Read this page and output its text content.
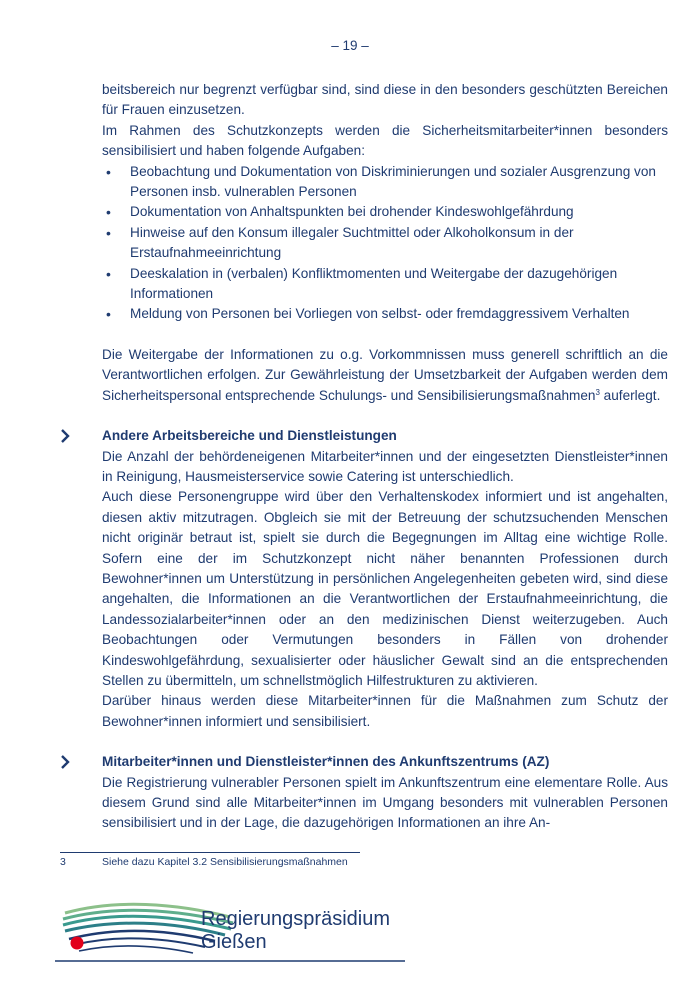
– 19 –

beitsbereich nur begrenzt verfügbar sind, sind diese in den besonders geschützten Bereichen für Frauen einzusetzen.

Im Rahmen des Schutzkonzepts werden die Sicherheitsmitarbeiter*innen besonders sensibilisiert und haben folgende Aufgaben:

• Beobachtung und Dokumentation von Diskriminierungen und sozialer Ausgrenzung von Personen insb. vulnerablen Personen
• Dokumentation von Anhaltspunkten bei drohender Kindeswohlgefährdung
• Hinweise auf den Konsum illegaler Suchtmittel oder Alkoholkonsum in der Erstaufnahmeeinrichtung
• Deeskalation in (verbalen) Konfliktmomenten und Weitergabe der dazugehörigen Informationen
• Meldung von Personen bei Vorliegen von selbst- oder fremdaggressivem Verhalten

Die Weitergabe der Informationen zu o.g. Vorkommnissen muss generell schriftlich an die Verantwortlichen erfolgen. Zur Gewährleistung der Umsetzbarkeit der Aufgaben werden dem Sicherheitspersonal entsprechende Schulungs- und Sensibilisierungsmaßnahmen$^3$ auferlegt.

Andere Arbeitsbereiche und Dienstleistungen

Die Anzahl der behördeneigenen Mitarbeiter*innen und der eingesetzten Dienstleister*innen in Reinigung, Hausmeisterservice sowie Catering ist unterschiedlich.

Auch diese Personengruppe wird über den Verhaltenskodex informiert und ist angehalten, diesen aktiv mitzutragen. Obgleich sie mit der Betreuung der schutzsuchenden Menschen nicht originär betraut ist, spielt sie durch die Begegnungen im Alltag eine wichtige Rolle. Sofern eine der im Schutzkonzept nicht näher benannten Professionen durch Bewohner*innen um Unterstützung in persönlichen Angelegenheiten gebeten wird, sind diese angehalten, die Informationen an die Verantwortlichen der Erstaufnahmeeinrichtung, die Landessozialarbeiter*innen oder an den medizinischen Dienst weiterzugeben. Auch Beobachtungen oder Vermutungen besonders in Fällen von drohender Kindeswohlgefährdung, sexualisierter oder häuslicher Gewalt sind an die entsprechenden Stellen zu übermitteln, um schnellstmöglich Hilfestrukturen zu aktivieren.

Darüber hinaus werden diese Mitarbeiter*innen für die Maßnahmen zum Schutz der Bewohner*innen informiert und sensibilisiert.

Mitarbeiter*innen und Dienstleister*innen des Ankunftszentrums (AZ)

Die Registrierung vulnerabler Personen spielt im Ankunftszentrum eine elementare Rolle. Aus diesem Grund sind alle Mitarbeiter*innen im Umgang besonders mit vulnerablen Personen sensibilisiert und in der Lage, die dazugehörigen Informationen an ihre An-

3	Siehe dazu Kapitel 3.2 Sensibilisierungsmaßnahmen
Regierungspräsidium
Gießen
